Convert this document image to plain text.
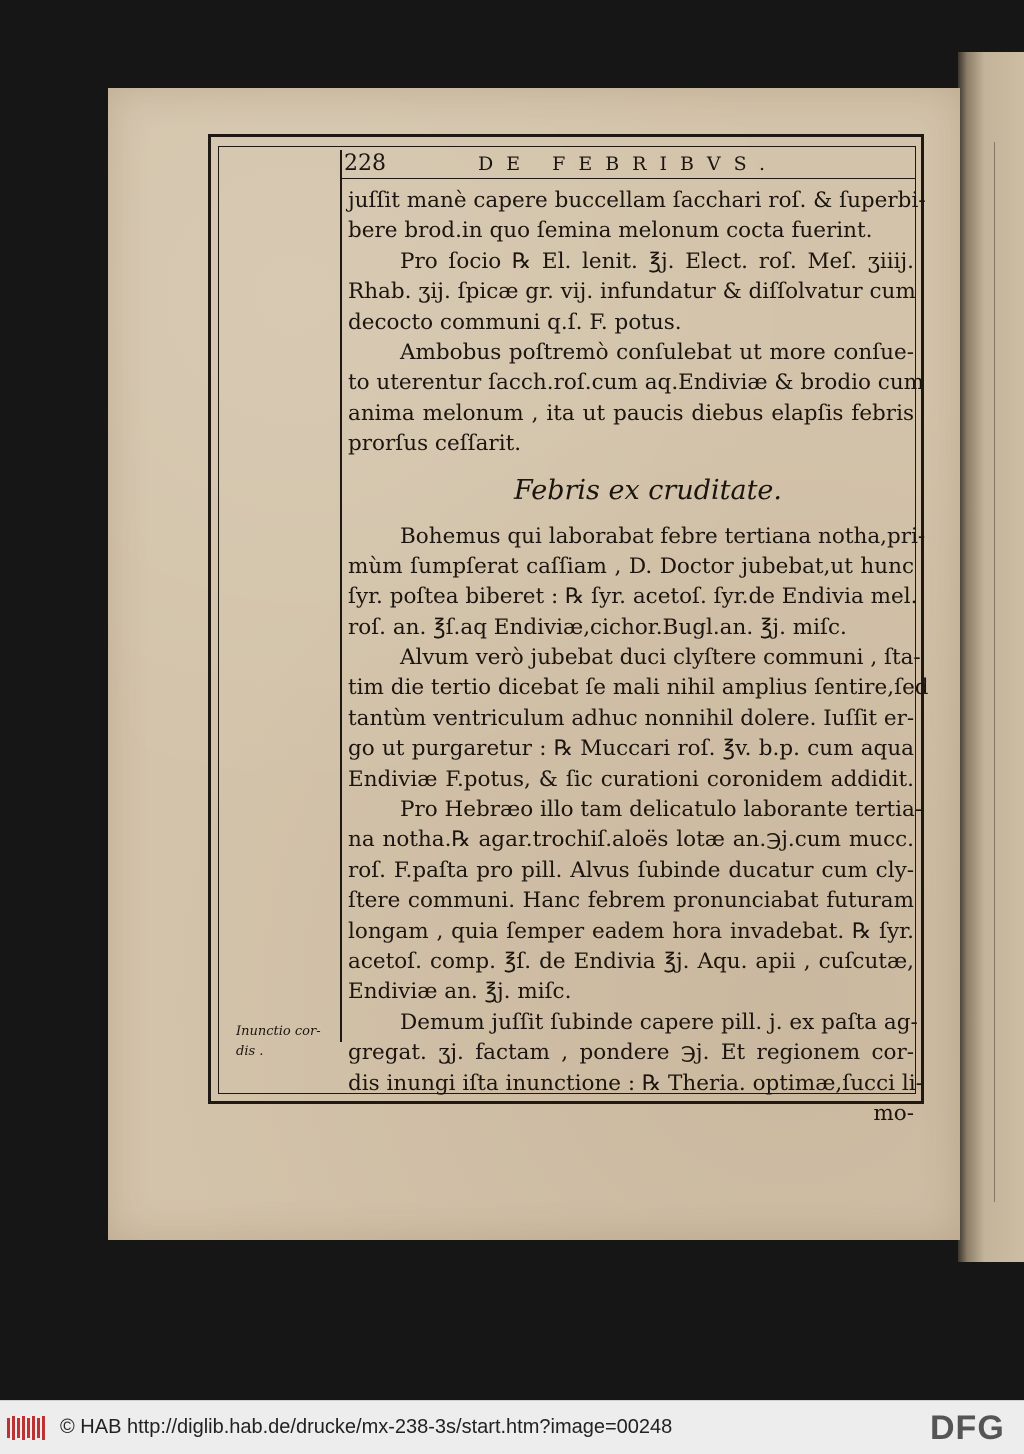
228	DE FEBRIBVS.
juſſit manè capere buccellam ſacchari roſ. & ſuperbi-
bere brod.in quo ſemina melonum cocta fuerint.
Pro ſocio ℞ El. lenit. ℥j. Elect. roſ. Meſ. ʒiiij.
Rhab. ʒij. ſpicæ gr. vij. infundatur & diſſolvatur cum
decocto communi q.ſ. F. potus.
Ambobus poſtremò conſulebat ut more conſue-
to uterentur ſacch.roſ.cum aq.Endiviæ & brodio cum
anima melonum , ita ut paucis diebus elapſis febris
prorſus ceſſarit.
Febris ex cruditate.
Bohemus qui laborabat febre tertiana notha,pri-
mùm ſumpſerat caſſiam , D. Doctor jubebat,ut hunc
ſyr. poſtea biberet : ℞ ſyr. acetoſ. ſyr.de Endivia mel.
roſ. an. ℥ſ.aq Endiviæ,cichor.Bugl.an. ℥j. miſc.
Alvum verò jubebat duci clyſtere communi , ſta-
tim die tertio dicebat ſe mali nihil amplius ſentire,ſed
tantùm ventriculum adhuc nonnihil dolere. Iuſſit er-
go ut purgaretur : ℞ Muccari roſ. ℥v. b.p. cum aqua
Endiviæ F.potus, & ſic curationi coronidem addidit.
Pro Hebræo illo tam delicatulo laborante tertia-
na notha.℞ agar.trochiſ.aloës lotæ an.℈j.cum mucc.
roſ. F.paſta pro pill. Alvus ſubinde ducatur cum cly-
ſtere communi. Hanc febrem pronunciabat futuram
longam , quia ſemper eadem hora invadebat. ℞ ſyr.
acetoſ. comp. ℥ſ. de Endivia ℥j. Aqu. apii , cuſcutæ,
Endiviæ an. ℥j. miſc.
Demum juſſit ſubinde capere pill. j. ex paſta ag-
gregat. ʒj. factam , pondere ℈j. Et regionem cor-
dis inungi iſta inunctione : ℞ Theria. optimæ,ſucci li-
mo-
Inunctio cor-
dis .
© HAB http://diglib.hab.de/drucke/mx-238-3s/start.htm?image=00248	DFG
